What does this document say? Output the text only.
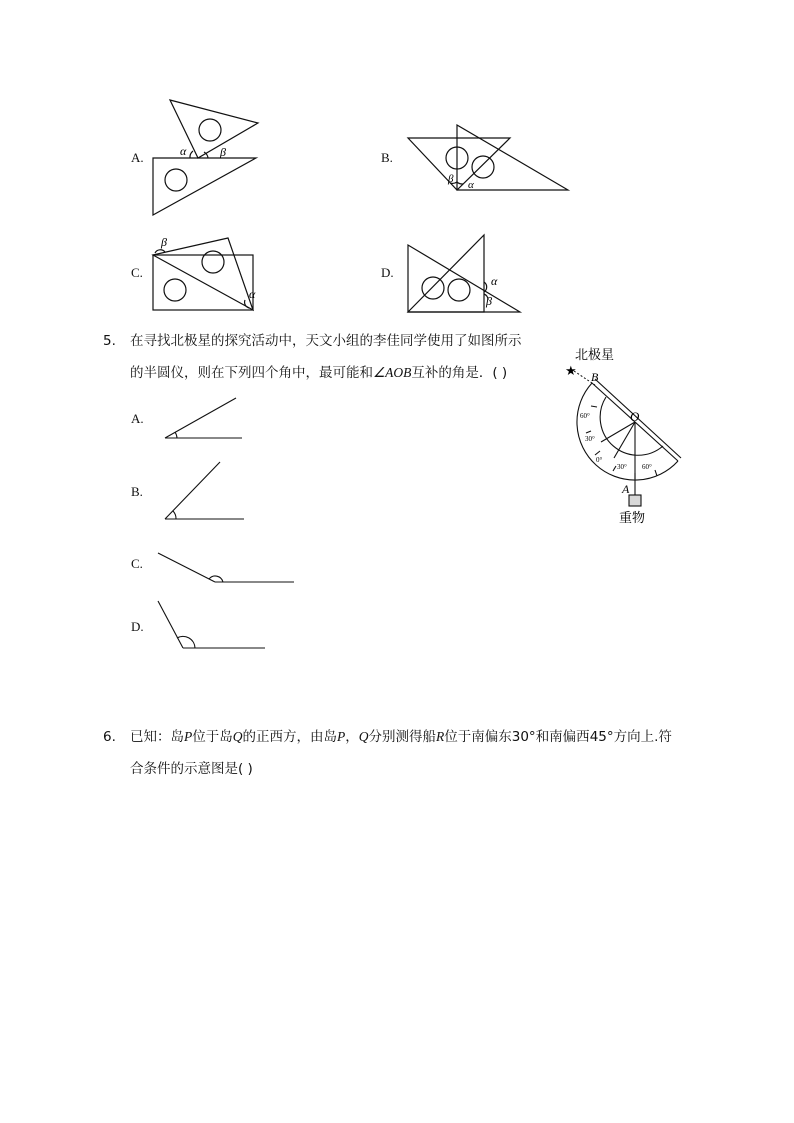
A.	B.
C.	D.
α	β
β α
β
α
α
β
5. 在寻找北极星的探究活动中，天文小组的李佳同学使用了如图所示
的半圆仪，则在下列四个角中，最可能和∠AOB互补的角是．( )
A.
B.
C.
D.
北极星
★ B
O
60°
30°
0°
30° 60°
A
重物
6. 已知：岛P位于岛Q的正西方，由岛P，Q分别测得船R位于南偏东30°和南偏西45°方向上.符
合条件的示意图是( )
